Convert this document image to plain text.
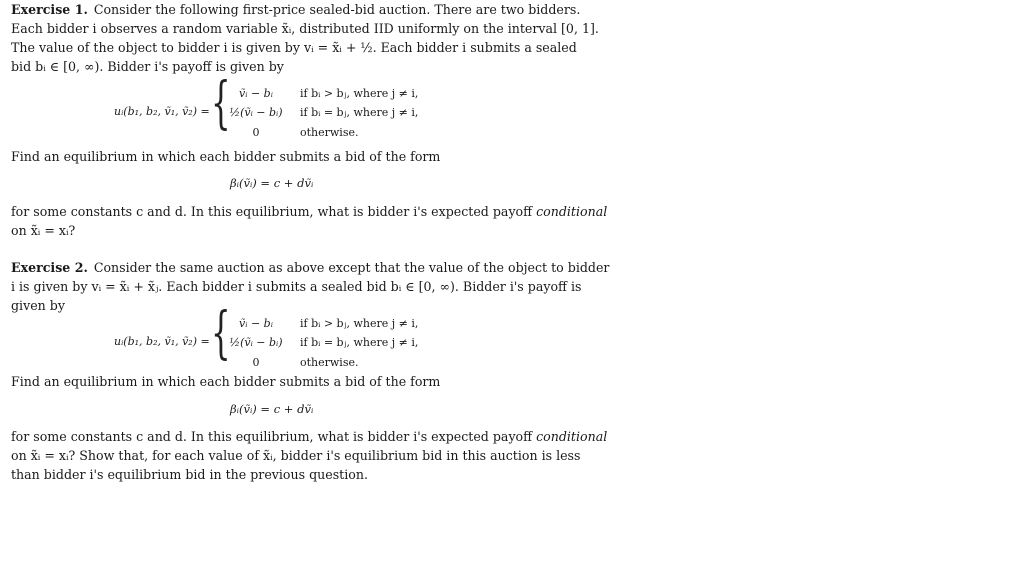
Exercise 1. Consider the following first-price sealed-bid auction. There are two bidders.
Each bidder i observes a random variable x̃ᵢ, distributed IID uniformly on the interval [0, 1].
The value of the object to bidder i is given by vᵢ = x̃ᵢ + ½. Each bidder i submits a sealed
bid bᵢ ∈ [0, ∞). Bidder i's payoff is given by
uᵢ(b₁, b₂, ṽ₁, ṽ₂) = { ṽᵢ − bᵢ	if bᵢ > bⱼ, where j ≠ i,
½(ṽᵢ − bᵢ)	if bᵢ = bⱼ, where j ≠ i,
0	otherwise.
Find an equilibrium in which each bidder submits a bid of the form
βᵢ(ṽᵢ) = c + dṽᵢ
for some constants c and d. In this equilibrium, what is bidder i's expected payoff conditional
on x̃ᵢ = xᵢ?
Exercise 2. Consider the same auction as above except that the value of the object to bidder
i is given by vᵢ = x̃ᵢ + x̃ⱼ. Each bidder i submits a sealed bid bᵢ ∈ [0, ∞). Bidder i's payoff is
given by
uᵢ(b₁, b₂, ṽ₁, ṽ₂) = { ṽᵢ − bᵢ	if bᵢ > bⱼ, where j ≠ i,
½(ṽᵢ − bᵢ)	if bᵢ = bⱼ, where j ≠ i,
0	otherwise.
Find an equilibrium in which each bidder submits a bid of the form
βᵢ(ṽᵢ) = c + dṽᵢ
for some constants c and d. In this equilibrium, what is bidder i's expected payoff conditional
on x̃ᵢ = xᵢ? Show that, for each value of x̃ᵢ, bidder i's equilibrium bid in this auction is less
than bidder i's equilibrium bid in the previous question.
